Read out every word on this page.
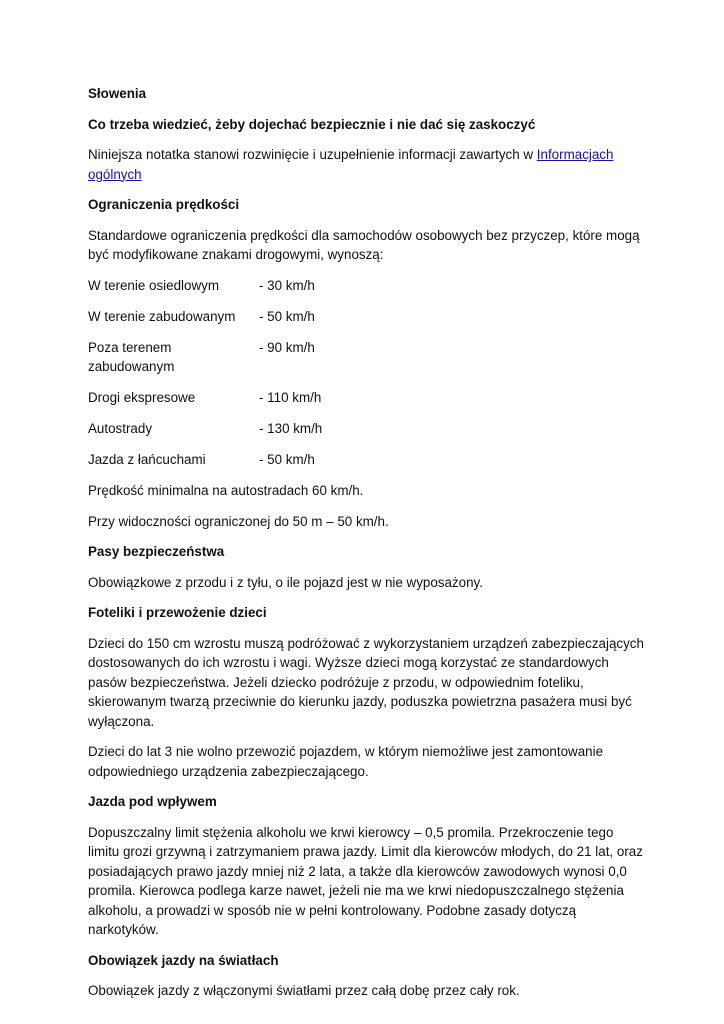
Słowenia

Co trzeba wiedzieć, żeby dojechać bezpiecznie i nie dać się zaskoczyć

Niniejsza notatka stanowi rozwinięcie i uzupełnienie informacji zawartych w Informacjach ogólnych

Ograniczenia prędkości

Standardowe ograniczenia prędkości dla samochodów osobowych bez przyczep, które mogą być modyfikowane znakami drogowymi, wynoszą:

W terenie osiedlowym	- 30 km/h
W terenie zabudowanym	- 50 km/h
Poza terenem zabudowanym
- 90 km/h
Drogi ekspresowe	- 110 km/h
Autostrady	- 130 km/h
Jazda z łańcuchami	- 50 km/h

Prędkość minimalna na autostradach 60 km/h.

Przy widoczności ograniczonej do 50 m – 50 km/h.

Pasy bezpieczeństwa

Obowiązkowe z przodu i z tyłu, o ile pojazd jest w nie wyposażony.

Foteliki i przewożenie dzieci

Dzieci do 150 cm wzrostu muszą podróżować z wykorzystaniem urządzeń zabezpieczających dostosowanych do ich wzrostu i wagi. Wyższe dzieci mogą korzystać ze standardowych pasów bezpieczeństwa. Jeżeli dziecko podróżuje z przodu, w odpowiednim foteliku, skierowanym twarzą przeciwnie do kierunku jazdy, poduszka powietrzna pasażera musi być wyłączona.

Dzieci do lat 3 nie wolno przewozić pojazdem, w którym niemożliwe jest zamontowanie odpowiedniego urządzenia zabezpieczającego.

Jazda pod wpływem

Dopuszczalny limit stężenia alkoholu we krwi kierowcy – 0,5 promila. Przekroczenie tego limitu grozi grzywną i zatrzymaniem prawa jazdy. Limit dla kierowców młodych, do 21 lat, oraz posiadających prawo jazdy mniej niż 2 lata, a także dla kierowców zawodowych wynosi 0,0 promila. Kierowca podlega karze nawet, jeżeli nie ma we krwi niedopuszczalnego stężenia alkoholu, a prowadzi w sposób nie w pełni kontrolowany. Podobne zasady dotyczą narkotyków.

Obowiązek jazdy na światłach

Obowiązek jazdy z włączonymi światłami przez całą dobę przez cały rok.
